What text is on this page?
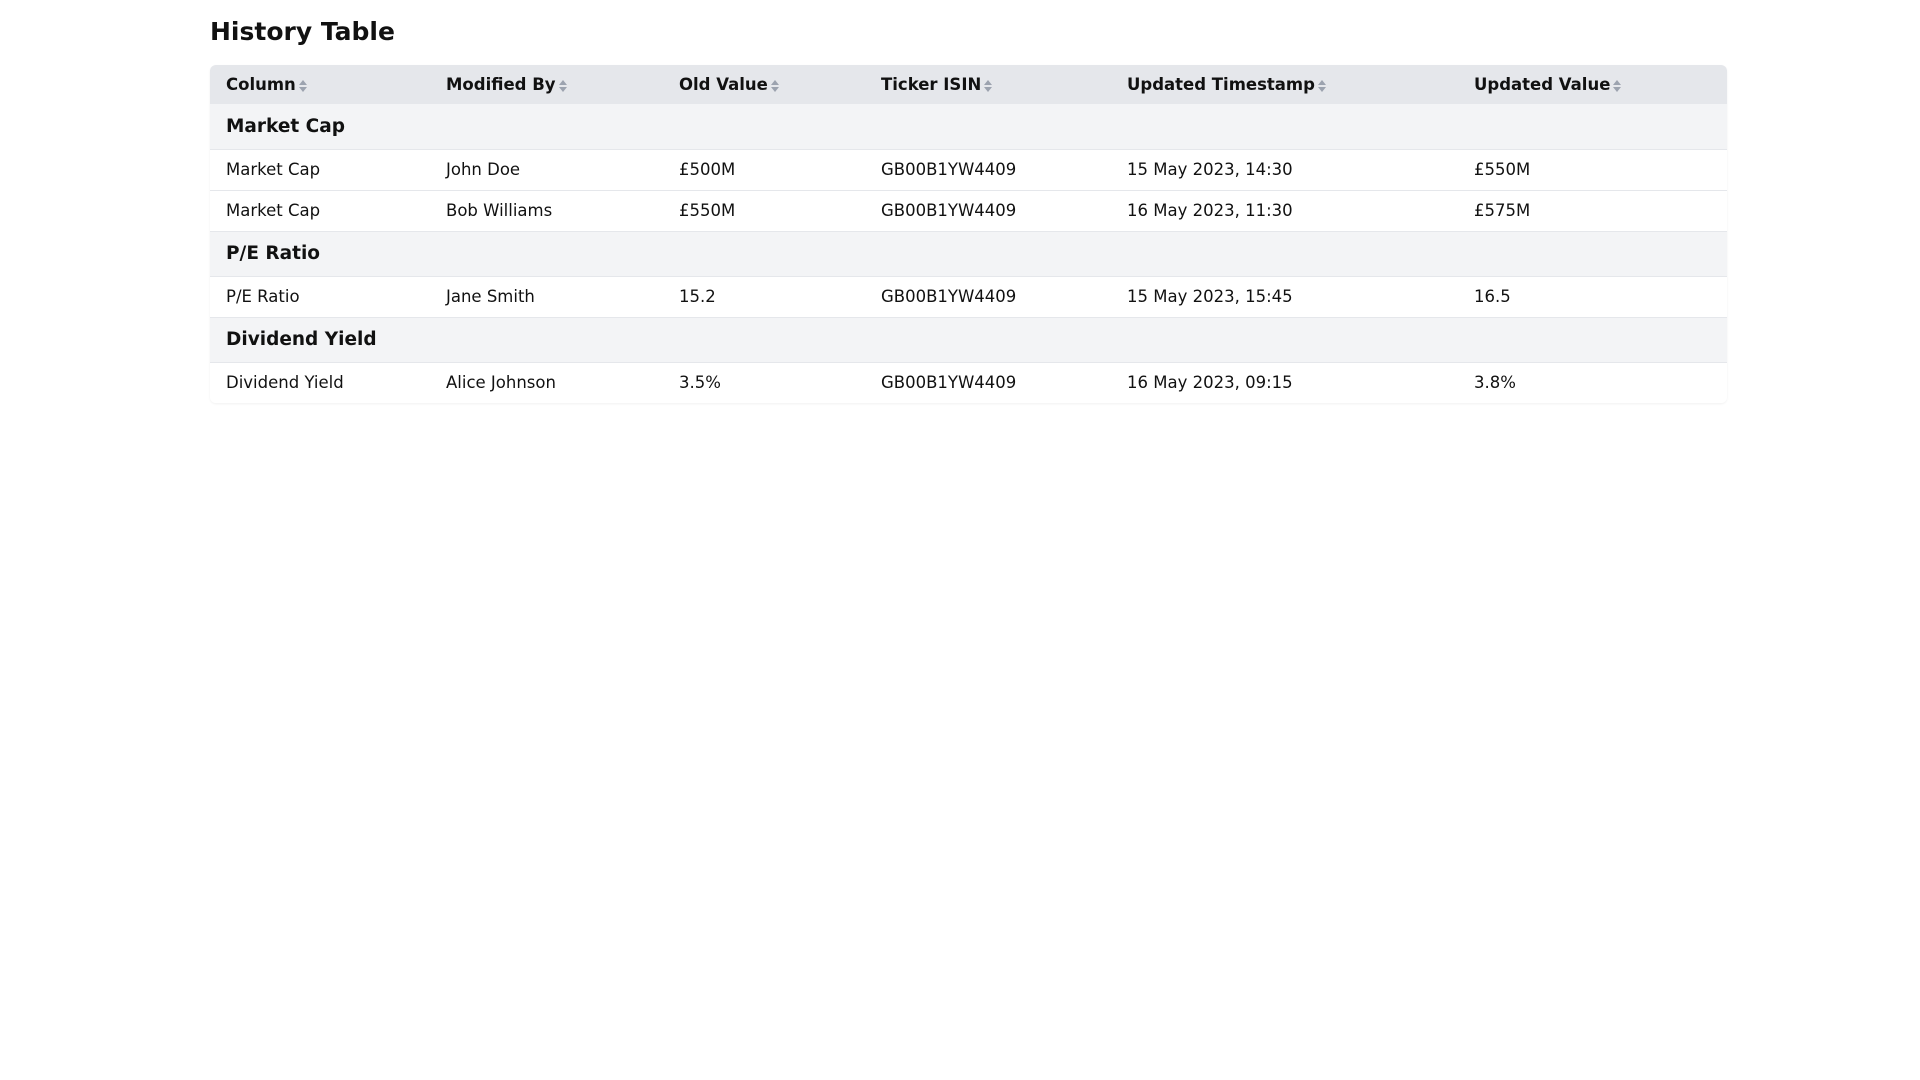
History Table
Column	Modified By	Old Value	Ticker ISIN	Updated Timestamp	Updated Value
Market Cap					
Market Cap	John Doe	£500M	GB00B1YW4409	15 May 2023, 14:30	£550M
Market Cap	Bob Williams	£550M	GB00B1YW4409	16 May 2023, 11:30	£575M
P/E Ratio					
P/E Ratio	Jane Smith	15.2	GB00B1YW4409	15 May 2023, 15:45	16.5
Dividend Yield					
Dividend Yield	Alice Johnson	3.5%	GB00B1YW4409	16 May 2023, 09:15	3.8%
